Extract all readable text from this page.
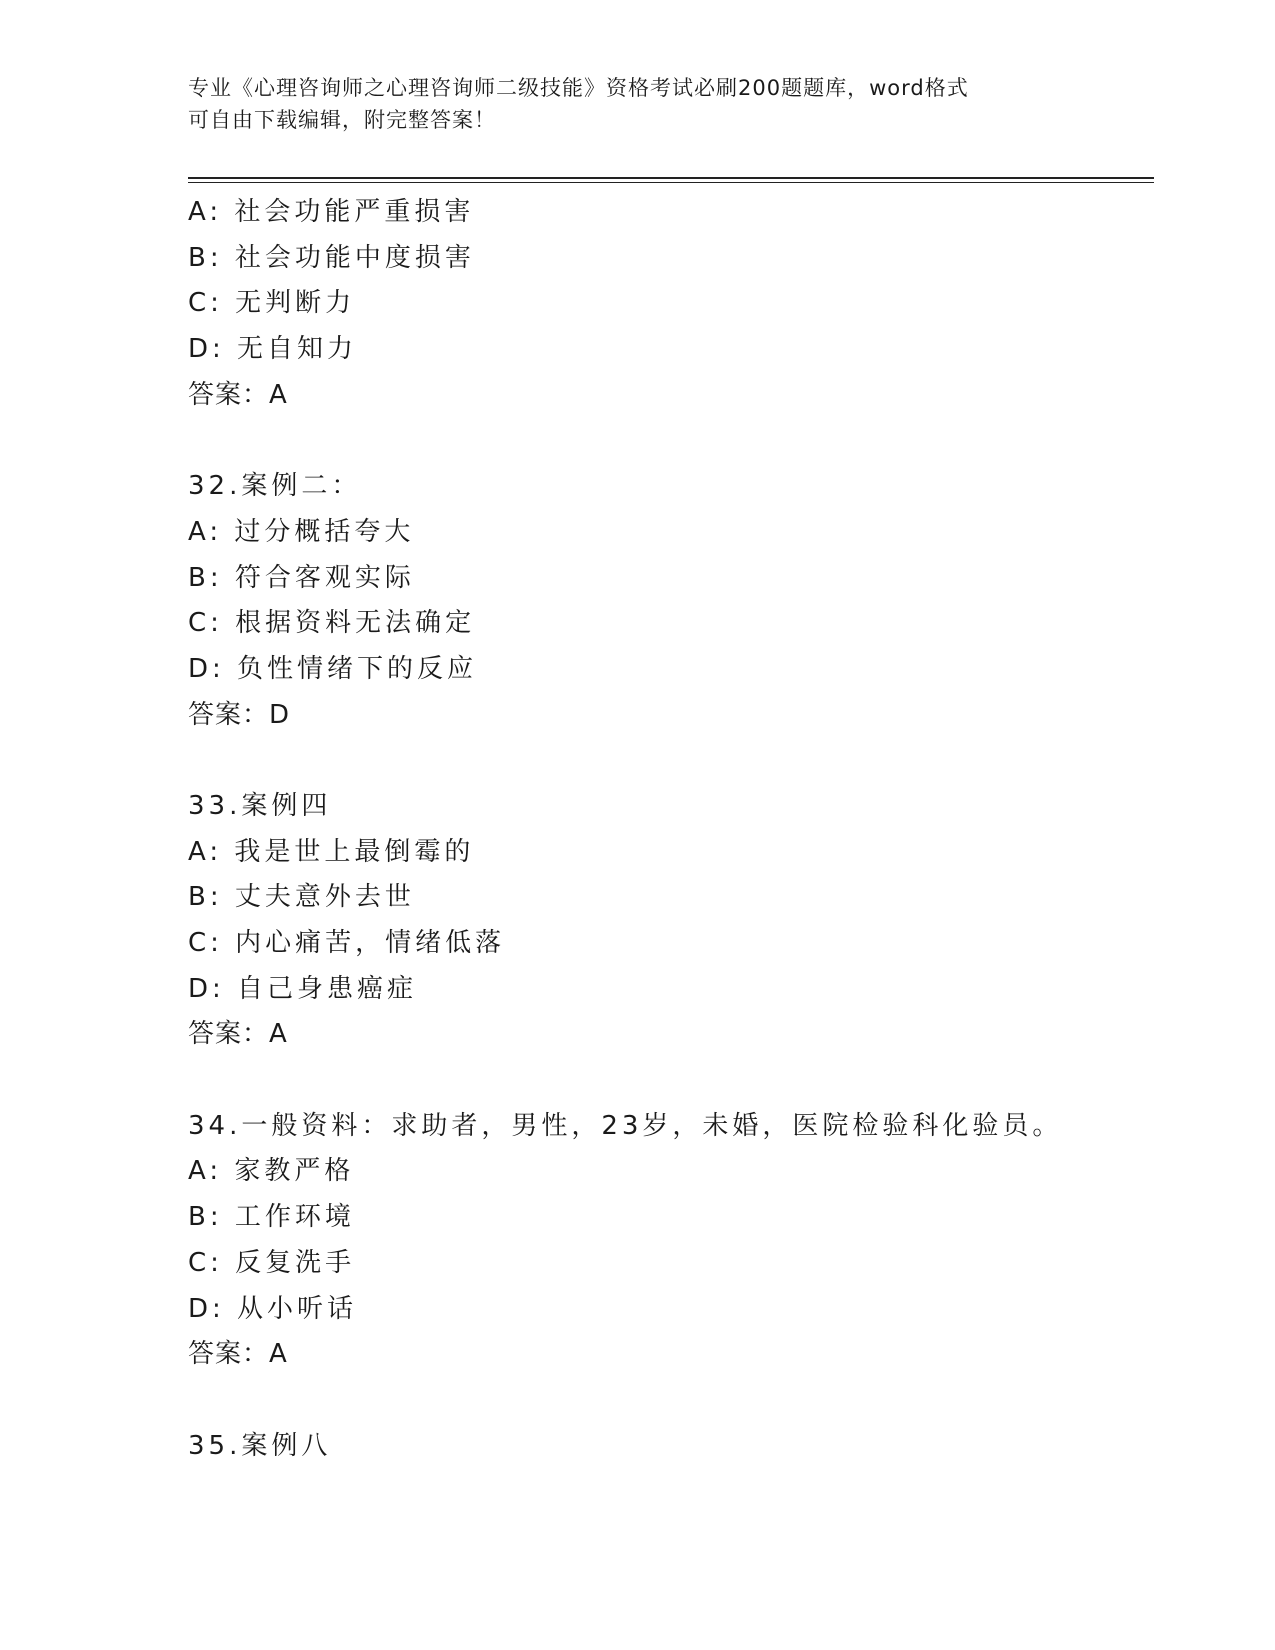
专业《心理咨询师之心理咨询师二级技能》资格考试必刷200题题库，word格式
可自由下载编辑，附完整答案！
A: 社会功能严重损害
B: 社会功能中度损害
C: 无判断力
D: 无自知力
答案：A
32.案例二：
A: 过分概括夸大
B: 符合客观实际
C: 根据资料无法确定
D: 负性情绪下的反应
答案：D
33.案例四
A: 我是世上最倒霉的
B: 丈夫意外去世
C: 内心痛苦，情绪低落
D: 自己身患癌症
答案：A
34.一般资料：求助者，男性，23岁，未婚，医院检验科化验员。
A: 家教严格
B: 工作环境
C: 反复洗手
D: 从小听话
答案：A
35.案例八
